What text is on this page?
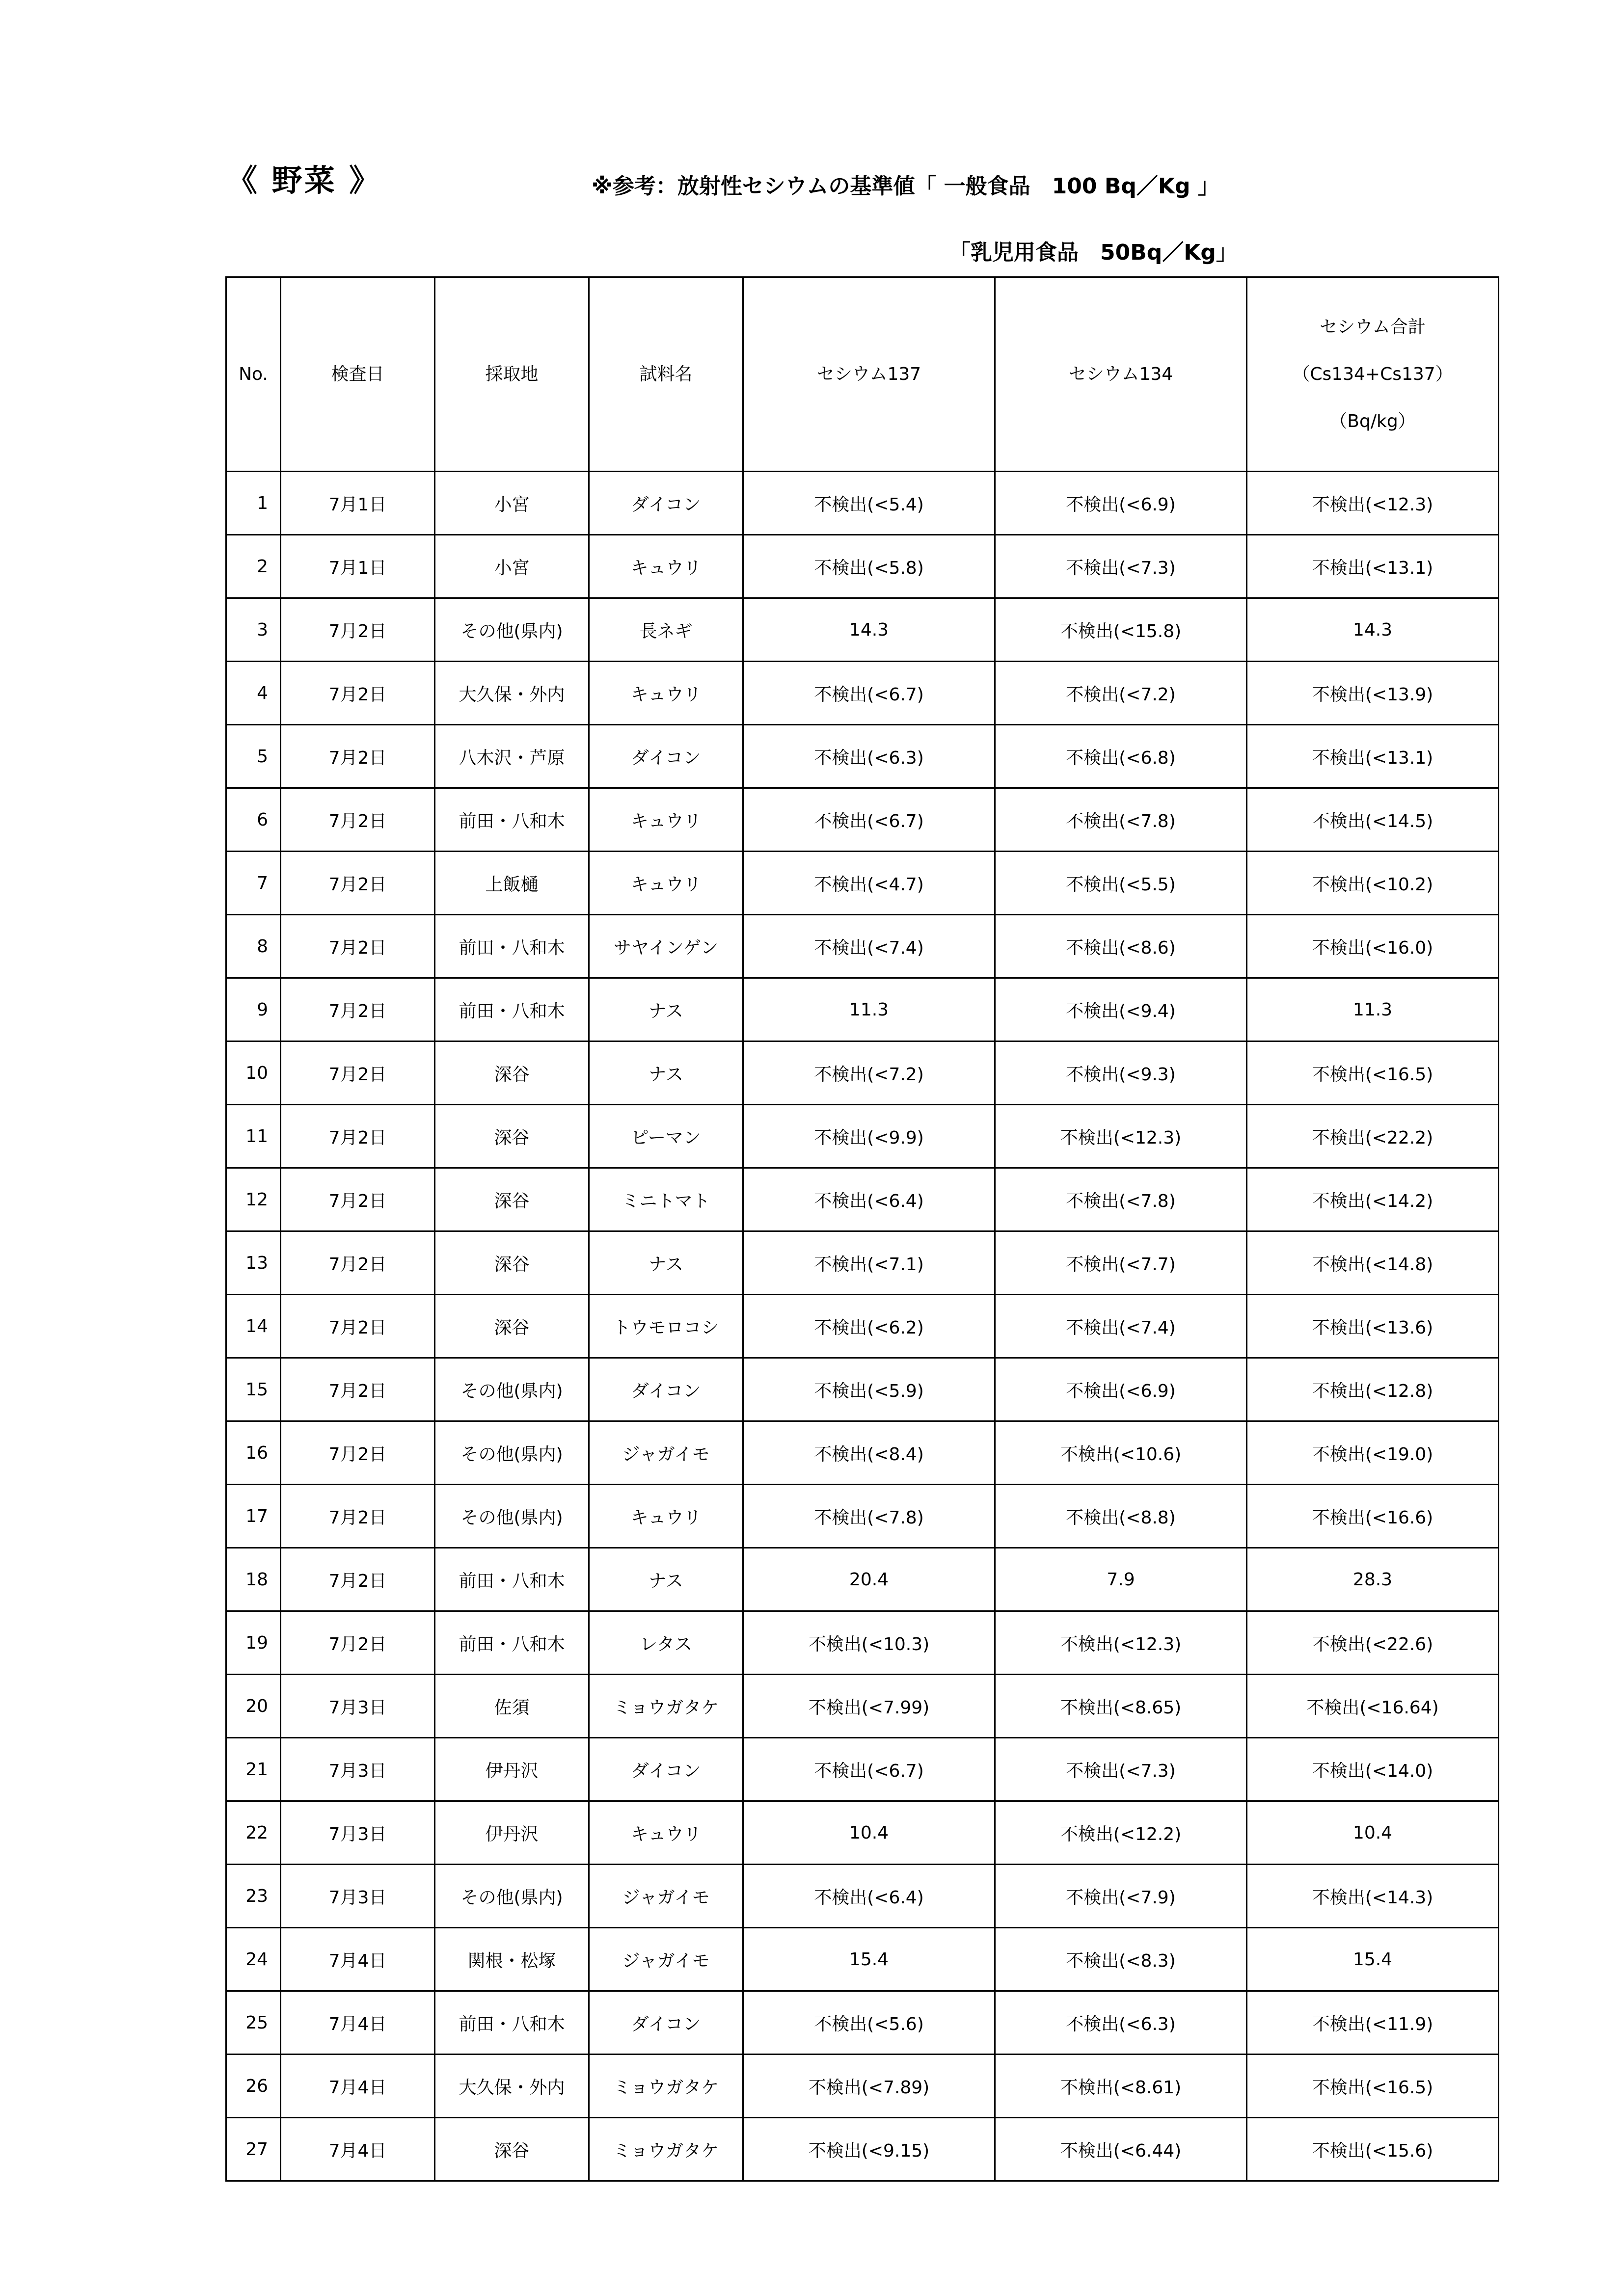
《 野菜 》	※参考：放射性セシウムの基準値「 一般食品　100 Bq／Kg 」
「乳児用食品　50Bq／Kg」
No.	検査日	採取地	試料名	セシウム137	セシウム134	セシウム合計
（Cs134+Cs137）
（Bq/kg）

1	7月1日	小宮	ダイコン	不検出(<5.4)	不検出(<6.9)	不検出(<12.3)
2	7月1日	小宮	キュウリ	不検出(<5.8)	不検出(<7.3)	不検出(<13.1)
3	7月2日	その他(県内)	長ネギ	14.3	不検出(<15.8)	14.3
4	7月2日	大久保・外内	キュウリ	不検出(<6.7)	不検出(<7.2)	不検出(<13.9)
5	7月2日	八木沢・芦原	ダイコン	不検出(<6.3)	不検出(<6.8)	不検出(<13.1)
6	7月2日	前田・八和木	キュウリ	不検出(<6.7)	不検出(<7.8)	不検出(<14.5)
7	7月2日	上飯樋	キュウリ	不検出(<4.7)	不検出(<5.5)	不検出(<10.2)
8	7月2日	前田・八和木	サヤインゲン	不検出(<7.4)	不検出(<8.6)	不検出(<16.0)
9	7月2日	前田・八和木	ナス	11.3	不検出(<9.4)	11.3
10	7月2日	深谷	ナス	不検出(<7.2)	不検出(<9.3)	不検出(<16.5)
11	7月2日	深谷	ピーマン	不検出(<9.9)	不検出(<12.3)	不検出(<22.2)
12	7月2日	深谷	ミニトマト	不検出(<6.4)	不検出(<7.8)	不検出(<14.2)
13	7月2日	深谷	ナス	不検出(<7.1)	不検出(<7.7)	不検出(<14.8)
14	7月2日	深谷	トウモロコシ	不検出(<6.2)	不検出(<7.4)	不検出(<13.6)
15	7月2日	その他(県内)	ダイコン	不検出(<5.9)	不検出(<6.9)	不検出(<12.8)
16	7月2日	その他(県内)	ジャガイモ	不検出(<8.4)	不検出(<10.6)	不検出(<19.0)
17	7月2日	その他(県内)	キュウリ	不検出(<7.8)	不検出(<8.8)	不検出(<16.6)
18	7月2日	前田・八和木	ナス	20.4	7.9	28.3
19	7月2日	前田・八和木	レタス	不検出(<10.3)	不検出(<12.3)	不検出(<22.6)
20	7月3日	佐須	ミョウガタケ	不検出(<7.99)	不検出(<8.65)	不検出(<16.64)
21	7月3日	伊丹沢	ダイコン	不検出(<6.7)	不検出(<7.3)	不検出(<14.0)
22	7月3日	伊丹沢	キュウリ	10.4	不検出(<12.2)	10.4
23	7月3日	その他(県内)	ジャガイモ	不検出(<6.4)	不検出(<7.9)	不検出(<14.3)
24	7月4日	関根・松塚	ジャガイモ	15.4	不検出(<8.3)	15.4
25	7月4日	前田・八和木	ダイコン	不検出(<5.6)	不検出(<6.3)	不検出(<11.9)
26	7月4日	大久保・外内	ミョウガタケ	不検出(<7.89)	不検出(<8.61)	不検出(<16.5)
27	7月4日	深谷	ミョウガタケ	不検出(<9.15)	不検出(<6.44)	不検出(<15.6)
